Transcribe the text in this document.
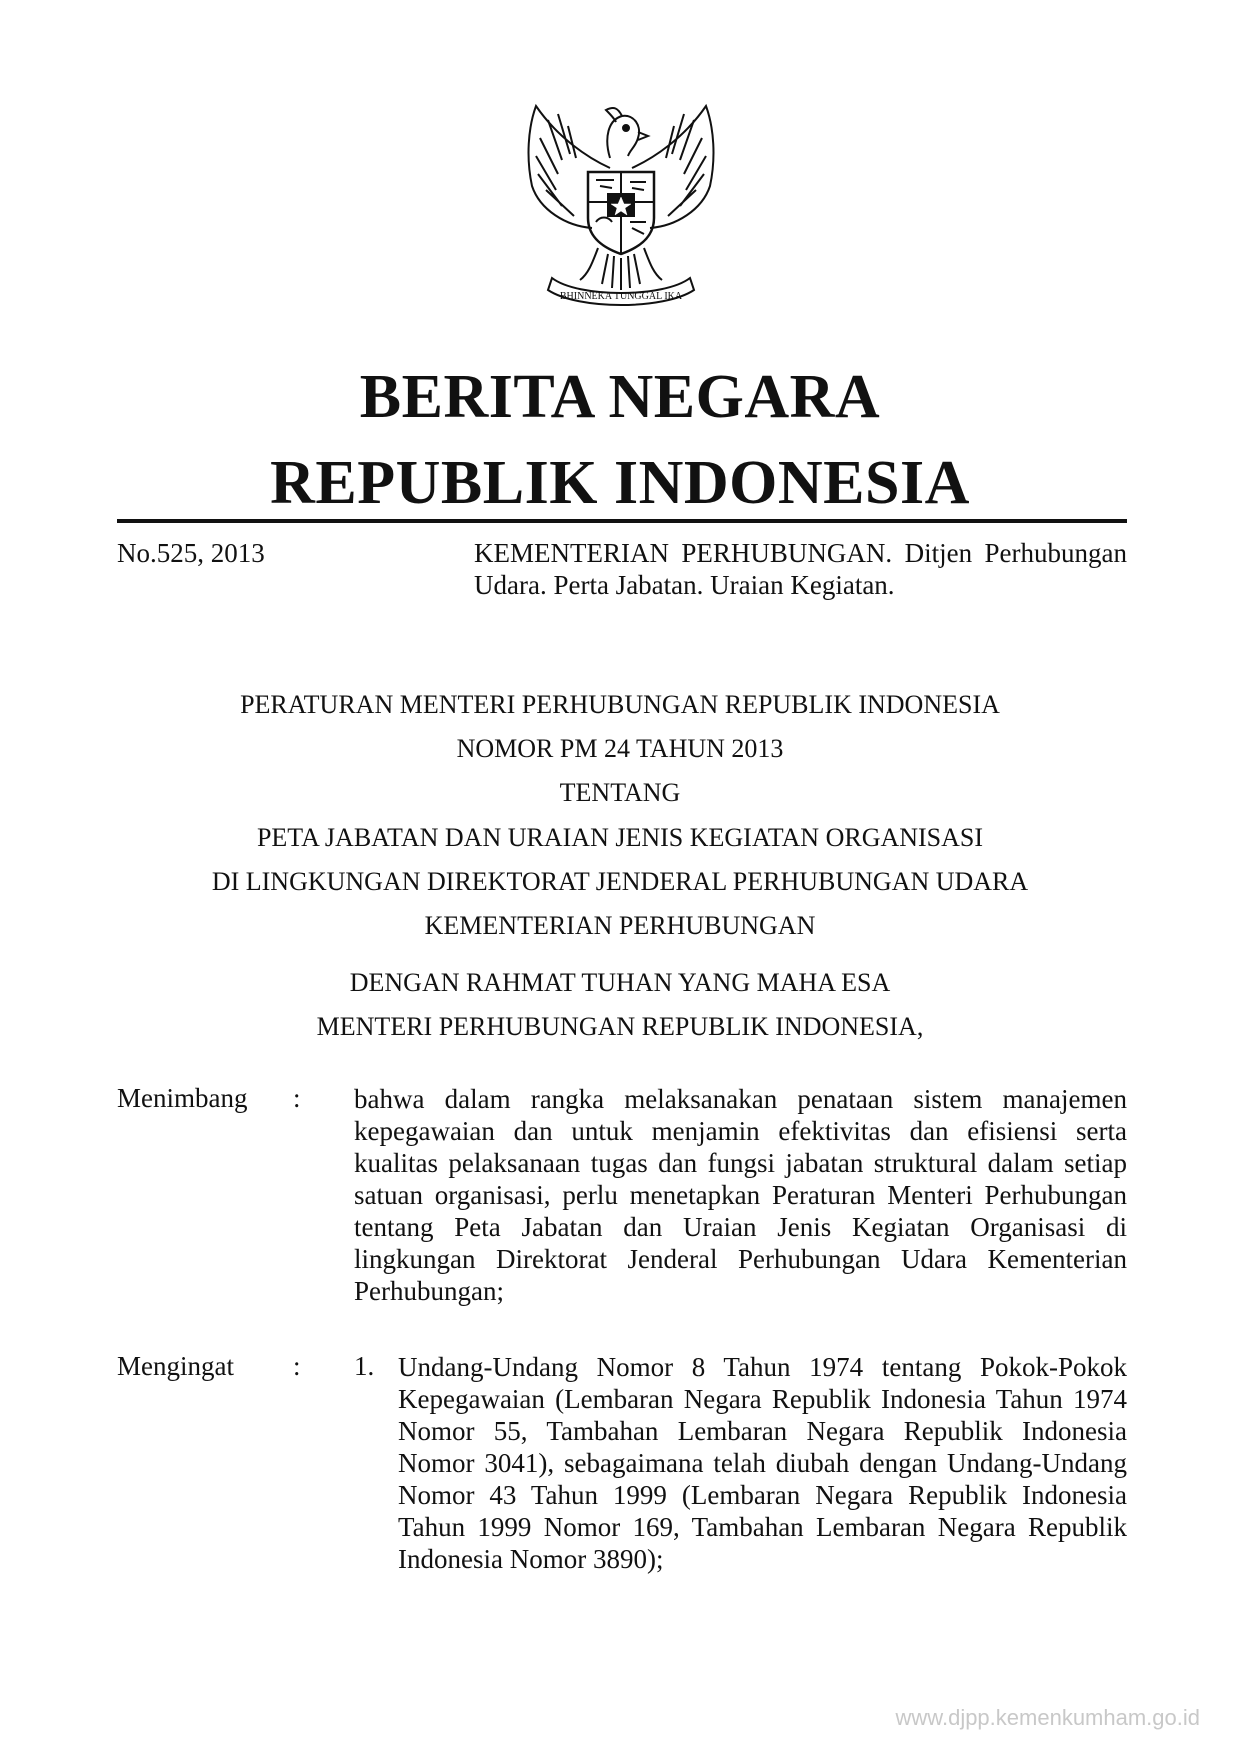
BHINNEKA TUNGGAL IKA
BERITA NEGARA
REPUBLIK INDONESIA
No.525, 2013	KEMENTERIAN PERHUBUNGAN. Ditjen Perhubungan Udara. Perta Jabatan. Uraian Kegiatan.
PERATURAN MENTERI PERHUBUNGAN REPUBLIK INDONESIA
NOMOR PM 24 TAHUN 2013
TENTANG
PETA JABATAN DAN URAIAN JENIS KEGIATAN ORGANISASI
DI LINGKUNGAN DIREKTORAT JENDERAL PERHUBUNGAN UDARA
KEMENTERIAN PERHUBUNGAN
DENGAN RAHMAT TUHAN YANG MAHA ESA
MENTERI PERHUBUNGAN REPUBLIK INDONESIA,
Menimbang : bahwa dalam rangka melaksanakan penataan sistem manajemen kepegawaian dan untuk menjamin efektivitas dan efisiensi serta kualitas pelaksanaan tugas dan fungsi jabatan struktural dalam setiap satuan organisasi, perlu menetapkan Peraturan Menteri Perhubungan tentang Peta Jabatan dan Uraian Jenis Kegiatan Organisasi di lingkungan Direktorat Jenderal Perhubungan Udara Kementerian Perhubungan;
Mengingat : 1. Undang-Undang Nomor 8 Tahun 1974 tentang Pokok-Pokok Kepegawaian (Lembaran Negara Republik Indonesia Tahun 1974 Nomor 55, Tambahan Lembaran Negara Republik Indonesia Nomor 3041), sebagaimana telah diubah dengan Undang-Undang Nomor 43 Tahun 1999 (Lembaran Negara Republik Indonesia Tahun 1999 Nomor 169, Tambahan Lembaran Negara Republik Indonesia Nomor 3890);
www.djpp.kemenkumham.go.id
